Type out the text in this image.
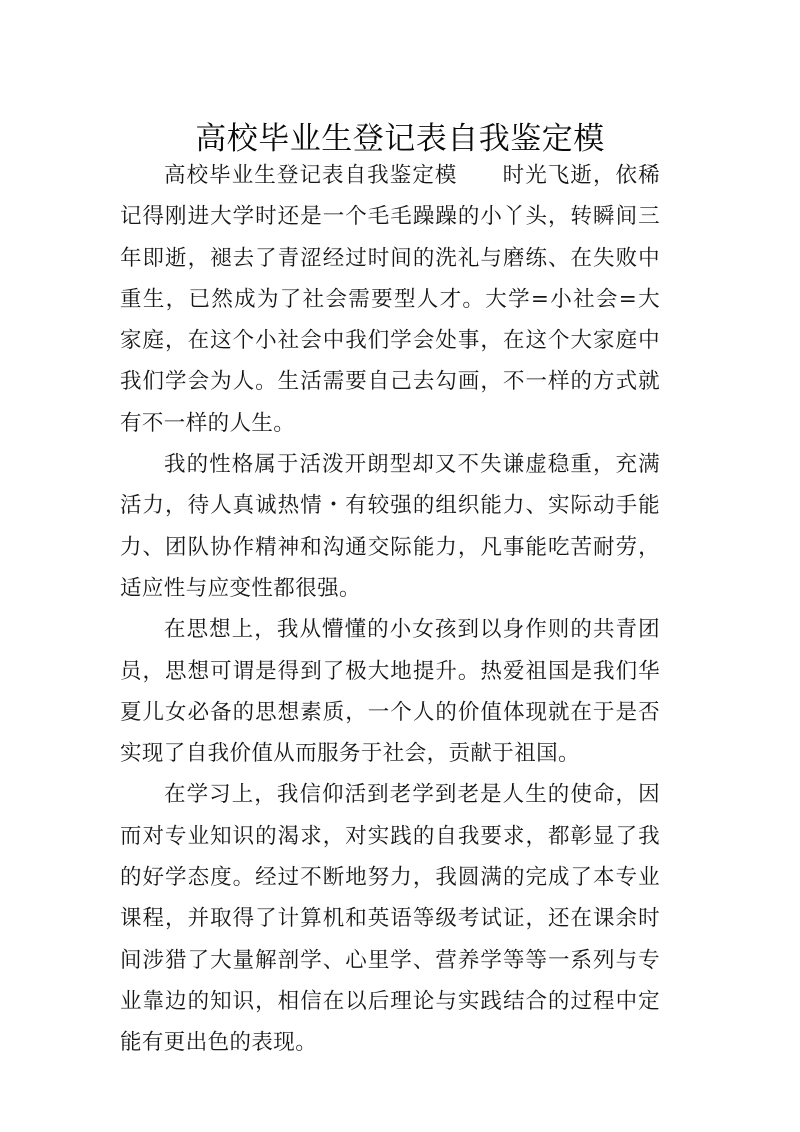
高校毕业生登记表自我鉴定模

高校毕业生登记表自我鉴定模　　时光飞逝，依稀记得刚进大学时还是一个毛毛躁躁的小丫头，转瞬间三年即逝，褪去了青涩经过时间的洗礼与磨练、在失败中重生，已然成为了社会需要型人才。大学=小社会=大家庭，在这个小社会中我们学会处事，在这个大家庭中我们学会为人。生活需要自己去勾画，不一样的方式就有不一样的人生。

我的性格属于活泼开朗型却又不失谦虚稳重，充满活力，待人真诚热情・有较强的组织能力、实际动手能力、团队协作精神和沟通交际能力，凡事能吃苦耐劳，适应性与应变性都很强。

在思想上，我从懵懂的小女孩到以身作则的共青团员，思想可谓是得到了极大地提升。热爱祖国是我们华夏儿女必备的思想素质，一个人的价值体现就在于是否实现了自我价值从而服务于社会，贡献于祖国。

在学习上，我信仰活到老学到老是人生的使命，因而对专业知识的渴求，对实践的自我要求，都彰显了我的好学态度。经过不断地努力，我圆满的完成了本专业课程，并取得了计算机和英语等级考试证，还在课余时间涉猎了大量解剖学、心里学、营养学等等一系列与专业靠边的知识，相信在以后理论与实践结合的过程中定能有更出色的表现。
